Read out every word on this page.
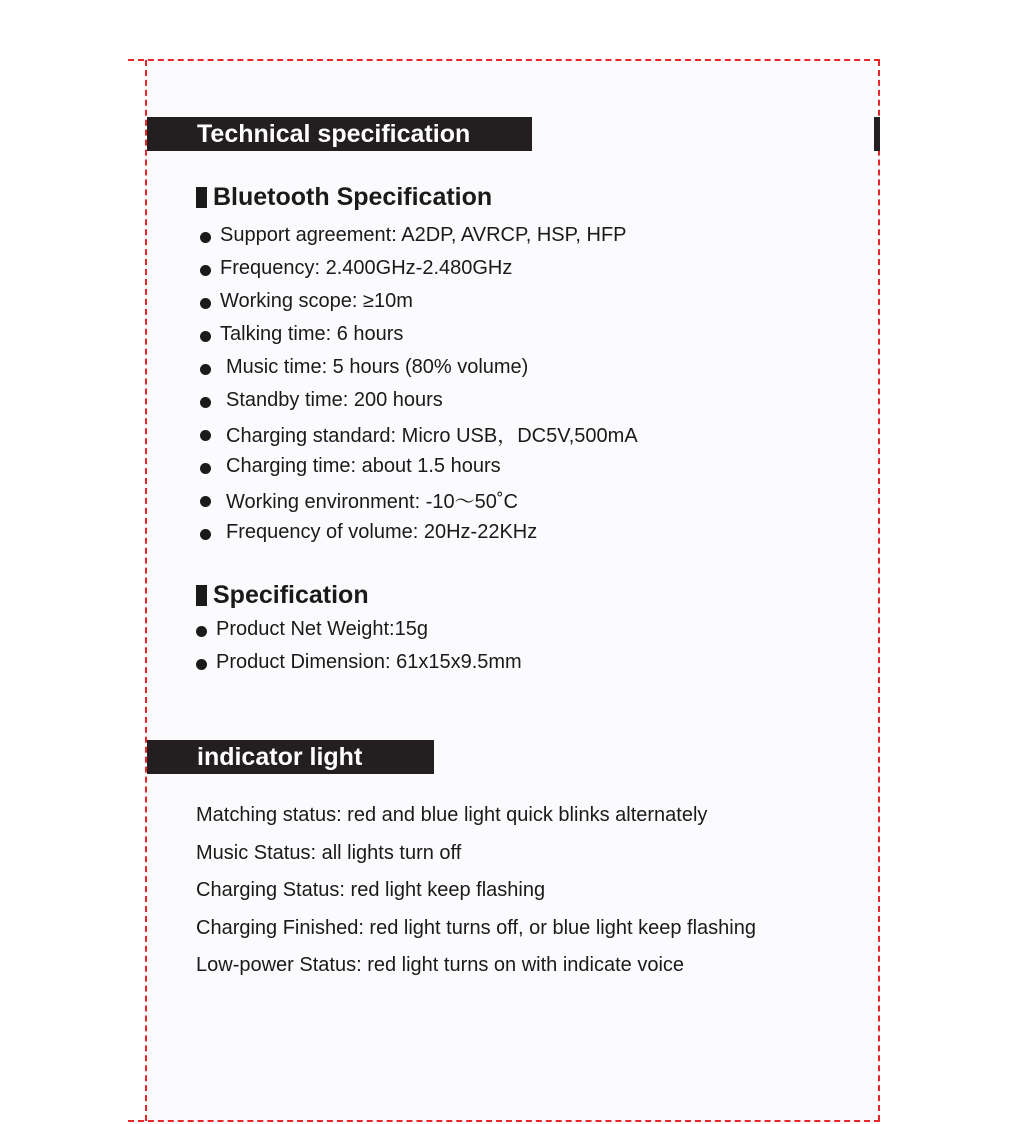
Technical specification
Bluetooth Specification
Support agreement: A2DP, AVRCP, HSP, HFP
Frequency: 2.400GHz-2.480GHz
Working scope: ≥10m
Talking time: 6 hours
Music time: 5 hours (80% volume)
Standby time: 200 hours
Charging standard: Micro USB，DC5V,500mA
Charging time: about 1.5 hours
Working environment: -10～50˚C
Frequency of volume: 20Hz-22KHz
Specification
Product Net Weight:15g
Product Dimension: 61x15x9.5mm
indicator light
Matching status: red and blue light quick blinks alternately
Music Status: all lights turn off
Charging Status: red light keep flashing
Charging Finished: red light turns off, or blue light keep flashing
Low-power Status: red light turns on with indicate voice
